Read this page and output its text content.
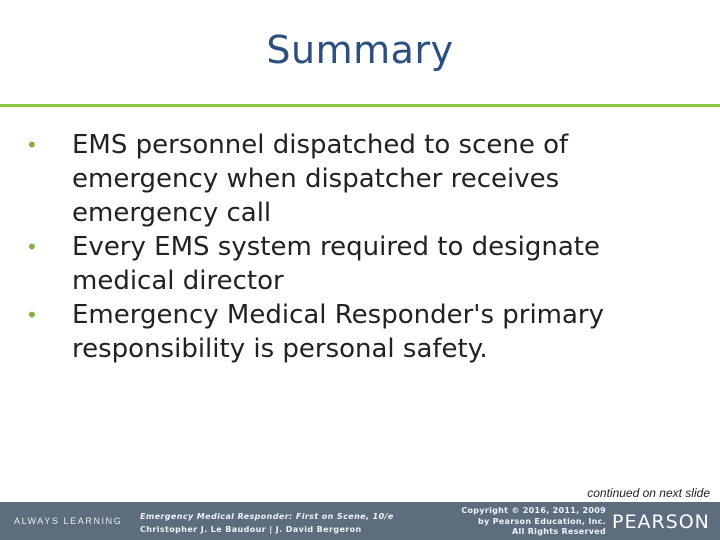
Summary
• EMS personnel dispatched to scene of emergency when dispatcher receives emergency call
• Every EMS system required to designate medical director
• Emergency Medical Responder's primary responsibility is personal safety.
continued on next slide
ALWAYS LEARNING Emergency Medical Responder: First on Scene, 10/e
Christopher J. Le Baudour | J. David Bergeron
Copyright © 2016, 2011, 2009
by Pearson Education, Inc.
All Rights Reserved PEARSON
